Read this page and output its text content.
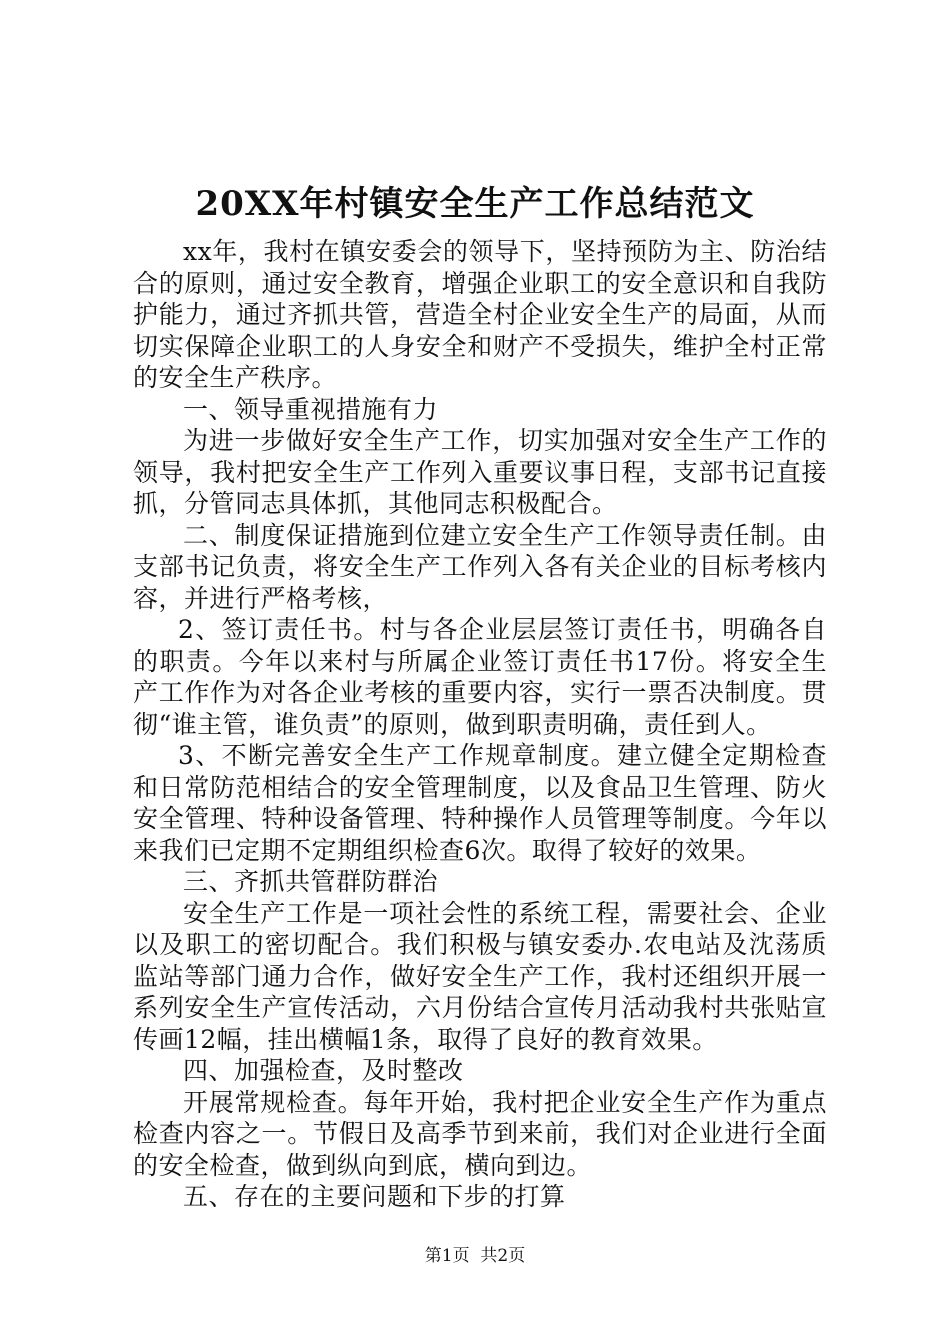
20XX年村镇安全生产工作总结范文

xx年，我村在镇安委会的领导下，坚持预防为主、防治结合的原则，通过安全教育，增强企业职工的安全意识和自我防护能力，通过齐抓共管，营造全村企业安全生产的局面，从而切实保障企业职工的人身安全和财产不受损失，维护全村正常的安全生产秩序。

一、领导重视措施有力

为进一步做好安全生产工作，切实加强对安全生产工作的领导，我村把安全生产工作列入重要议事日程，支部书记直接抓，分管同志具体抓，其他同志积极配合。

二、制度保证措施到位建立安全生产工作领导责任制。由支部书记负责，将安全生产工作列入各有关企业的目标考核内容，并进行严格考核，

2、签订责任书。村与各企业层层签订责任书，明确各自的职责。今年以来村与所属企业签订责任书17份。将安全生产工作作为对各企业考核的重要内容，实行一票否决制度。贯彻“谁主管，谁负责”的原则，做到职责明确，责任到人。

3、不断完善安全生产工作规章制度。建立健全定期检查和日常防范相结合的安全管理制度，以及食品卫生管理、防火安全管理、特种设备管理、特种操作人员管理等制度。今年以来我们已定期不定期组织检查6次。取得了较好的效果。

三、齐抓共管群防群治

安全生产工作是一项社会性的系统工程，需要社会、企业以及职工的密切配合。我们积极与镇安委办.农电站及沈荡质监站等部门通力合作，做好安全生产工作，我村还组织开展一系列安全生产宣传活动，六月份结合宣传月活动我村共张贴宣传画12幅，挂出横幅1条，取得了良好的教育效果。

四、加强检查，及时整改

开展常规检查。每年开始，我村把企业安全生产作为重点检查内容之一。节假日及高季节到来前，我们对企业进行全面的安全检查，做到纵向到底，横向到边。

五、存在的主要问题和下步的打算

第1页 共2页
